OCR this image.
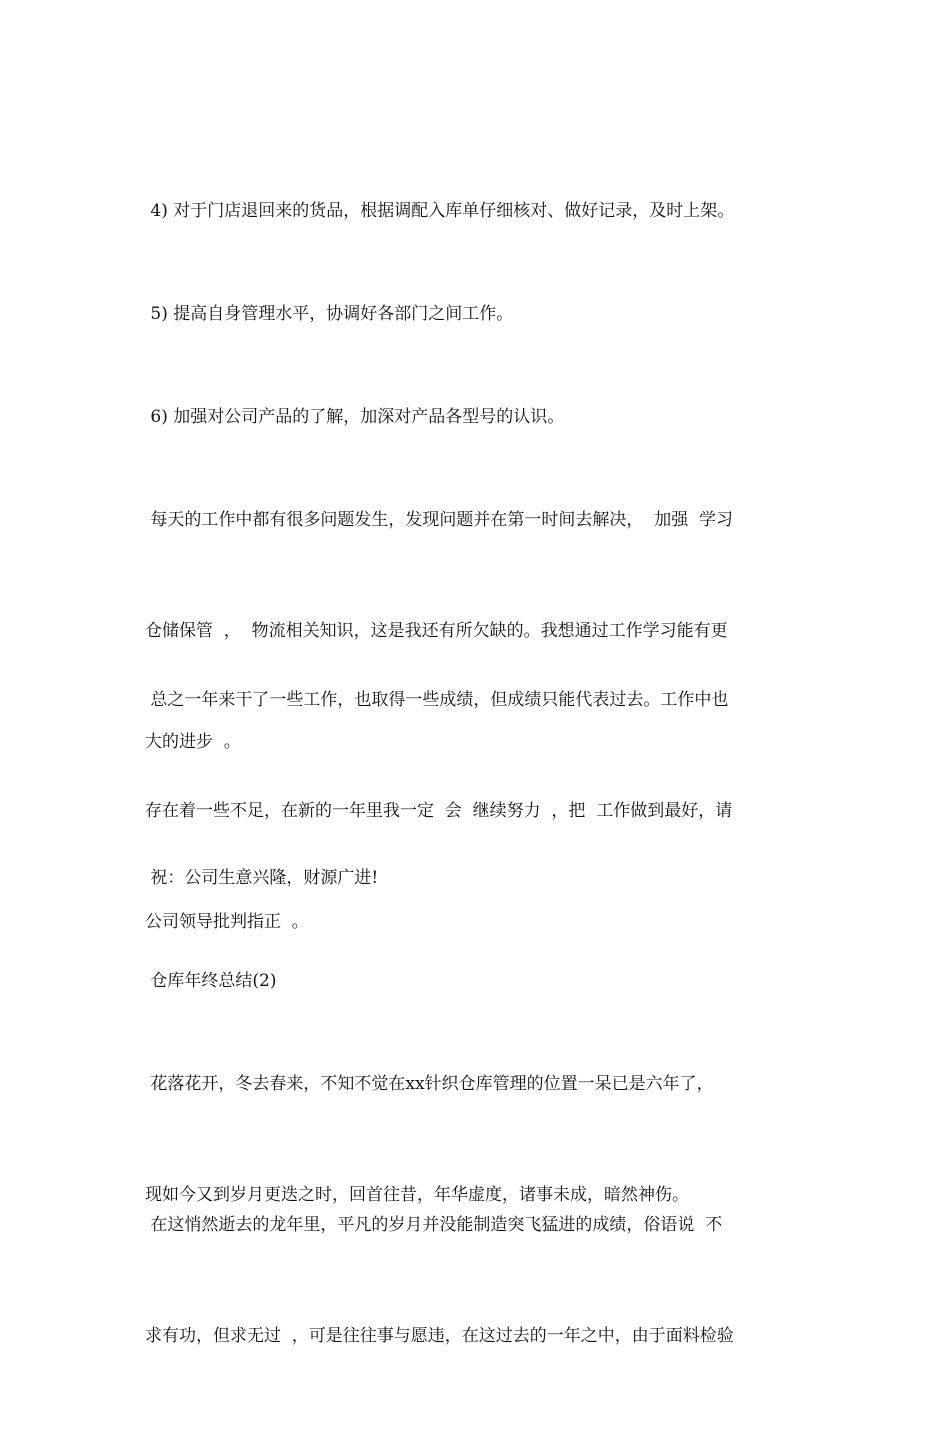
4) 对于门店退回来的货品，根据调配入库单仔细核对、做好记录，及时上架。

5) 提高自身管理水平，协调好各部门之间工作。

6) 加强对公司产品的了解，加深对产品各型号的认识。

每天的工作中都有很多问题发生，发现问题并在第一时间去解决，  加强  学习

仓储保管  ，  物流相关知识，这是我还有所欠缺的。我想通过工作学习能有更

大的进步  。

总之一年来干了一些工作，也取得一些成绩，但成绩只能代表过去。工作中也

存在着一些不足，在新的一年里我一定  会  继续努力  ，把  工作做到最好，请

公司领导批判指正  。

祝：公司生意兴隆，财源广进!

仓库年终总结(2)

花落花开，冬去春来，不知不觉在xx针织仓库管理的位置一呆已是六年了，

现如今又到岁月更迭之时，回首往昔，年华虚度，诸事未成，暗然神伤。

在这悄然逝去的龙年里，平凡的岁月并没能制造突飞猛进的成绩，俗语说  不

求有功，但求无过  ，可是往往事与愿违，在这过去的一年之中，由于面料检验
